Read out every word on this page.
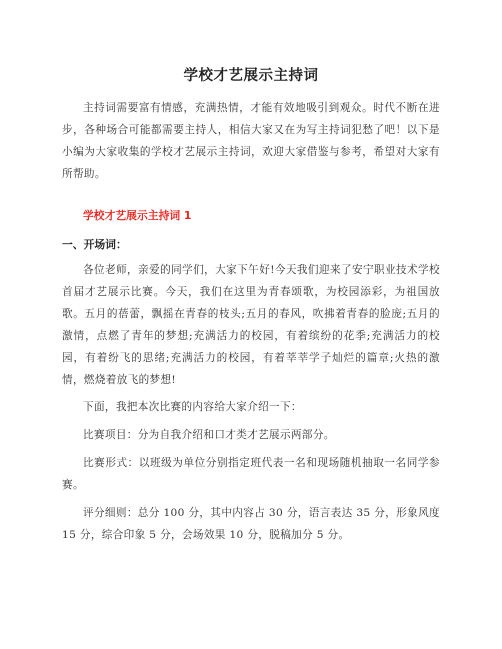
学校才艺展示主持词

主持词需要富有情感，充满热情，才能有效地吸引到观众。时代不断在进步，各种场合可能都需要主持人，相信大家又在为写主持词犯愁了吧！以下是小编为大家收集的学校才艺展示主持词，欢迎大家借鉴与参考，希望对大家有所帮助。

学校才艺展示主持词 1

一、开场词：

各位老师，亲爱的同学们，大家下午好!今天我们迎来了安宁职业技术学校首届才艺展示比赛。今天，我们在这里为青春颂歌，为校园添彩，为祖国放歌。五月的蓓蕾，飘摇在青春的枝头;五月的春风，吹拂着青春的脸庞;五月的激情，点燃了青年的梦想;充满活力的校园，有着缤纷的花季;充满活力的校园，有着纷飞的思绪;充满活力的校园，有着莘莘学子灿烂的篇章;火热的激情，燃烧着放飞的梦想!

下面，我把本次比赛的内容给大家介绍一下：

比赛项目：分为自我介绍和口才类才艺展示两部分。

比赛形式：以班级为单位分别指定班代表一名和现场随机抽取一名同学参赛。

评分细则：总分 100 分，其中内容占 30 分，语言表达 35 分，形象风度 15 分，综合印象 5 分，会场效果 10 分，脱稿加分 5 分。
